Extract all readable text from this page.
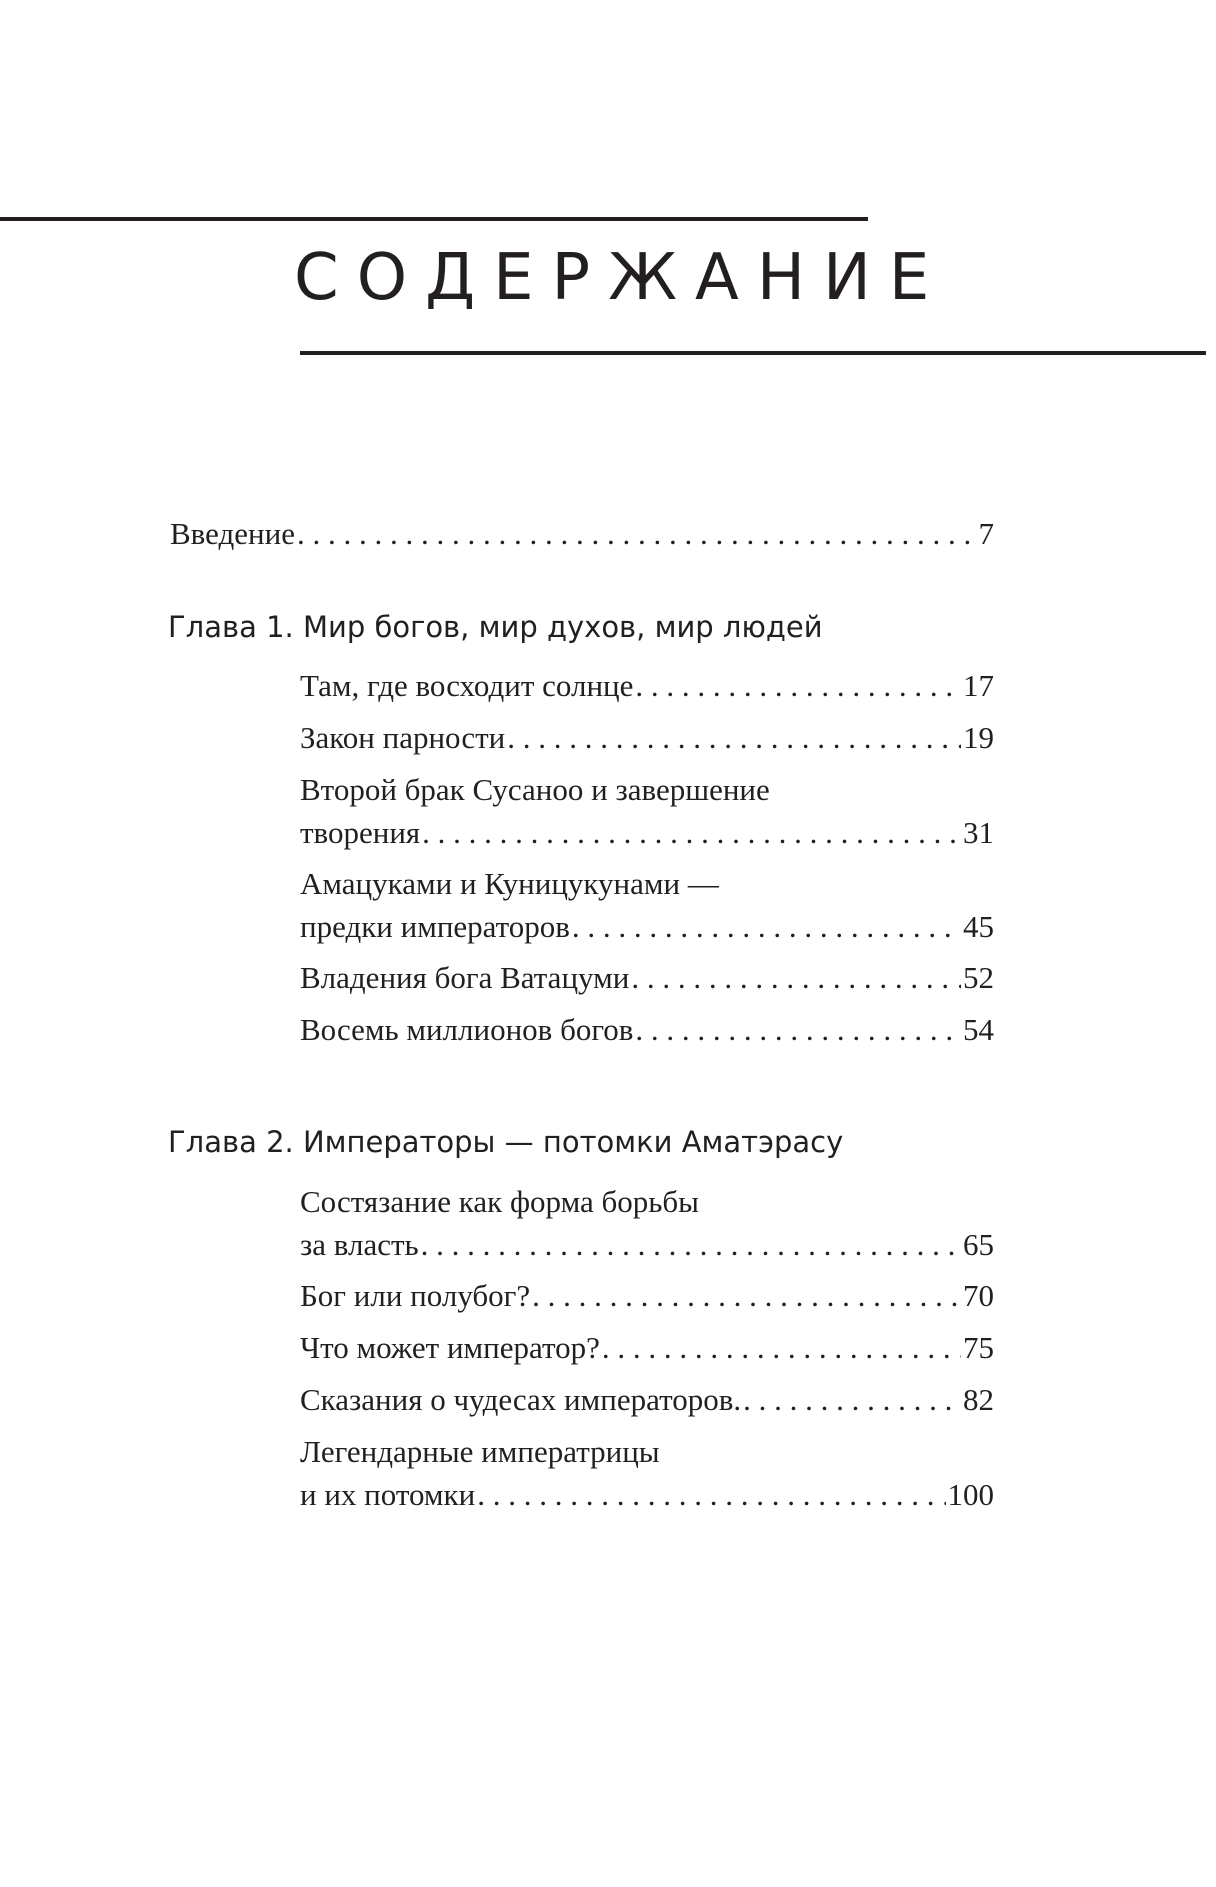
СОДЕРЖАНИЕ
Введение . . .	7
Глава 1. Мир богов, мир духов, мир людей
Там, где восходит солнце . . .	17
Закон парности . . .	19
Второй брак Сусаноо и завершение
творения . . .	31
Амацуками и Куницукунами —
предки императоров . . .	45
Владения бога Ватацуми . . .	52
Восемь миллионов богов . . .	54
Глава 2. Императоры — потомки Аматэрасу
Состязание как форма борьбы
за власть . . .	65
Бог или полубог? . . .	70
Что может император? . . .	75
Сказания о чудесах императоров. . . .	82
Легендарные императрицы
и их потомки . . .	100
